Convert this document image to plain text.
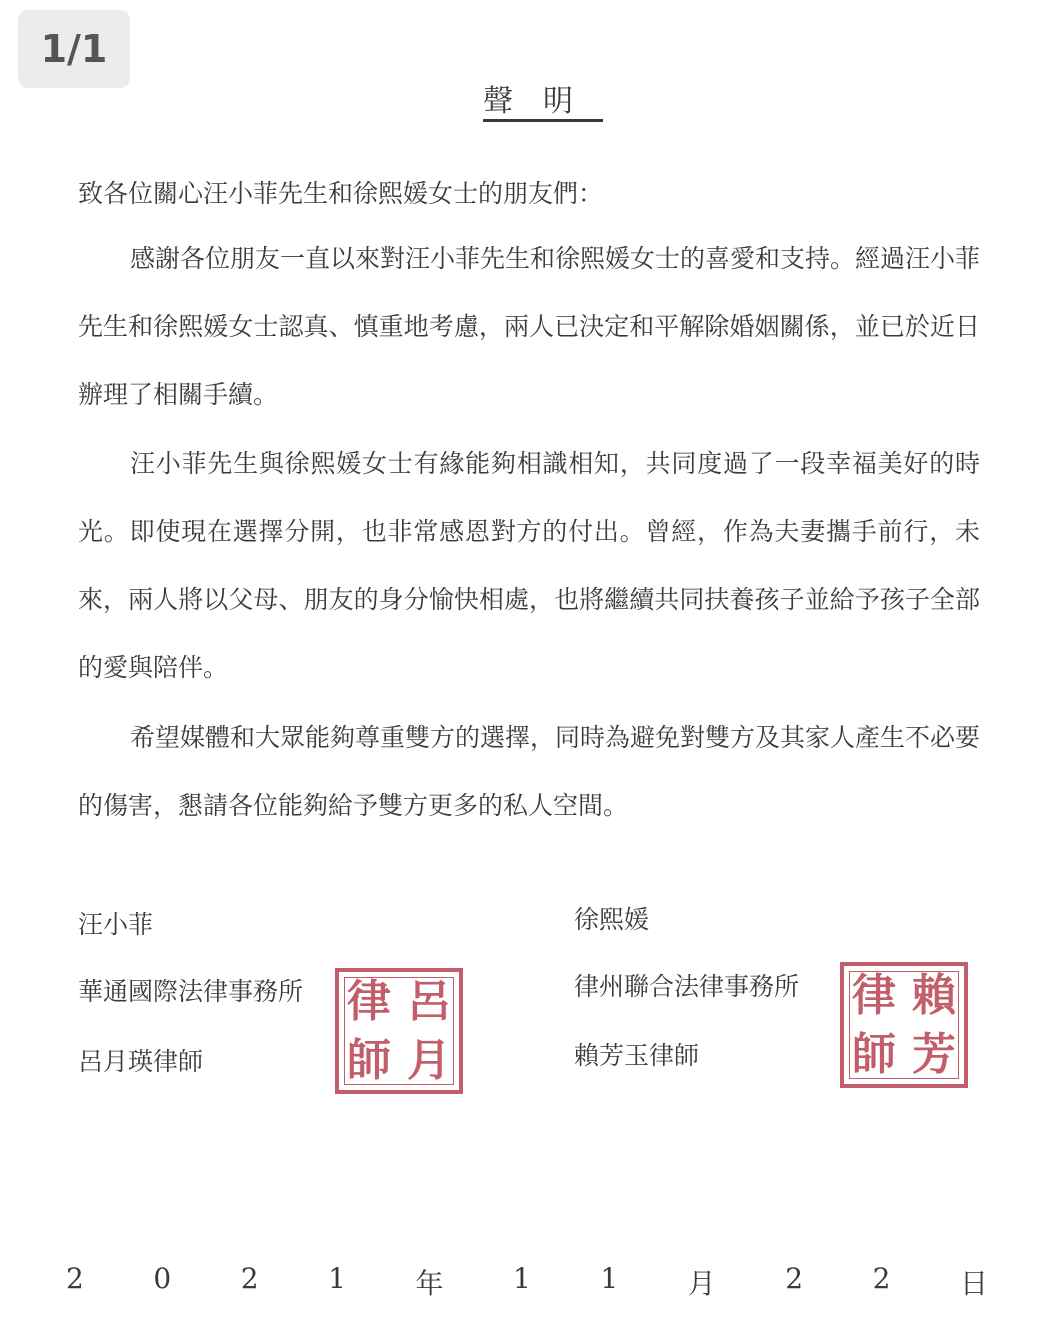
1/1
聲明
致各位關心汪小菲先生和徐熙媛女士的朋友們：

感謝各位朋友一直以來對汪小菲先生和徐熙媛女士的喜愛和支持。經過汪小菲先生和徐熙媛女士認真、慎重地考慮，兩人已決定和平解除婚姻關係，並已於近日辦理了相關手續。

汪小菲先生與徐熙媛女士有緣能夠相識相知，共同度過了一段幸福美好的時光。即使現在選擇分開，也非常感恩對方的付出。曾經，作為夫妻攜手前行，未來，兩人將以父母、朋友的身分愉快相處，也將繼續共同扶養孩子並給予孩子全部的愛與陪伴。

希望媒體和大眾能夠尊重雙方的選擇，同時為避免對雙方及其家人產生不必要的傷害，懇請各位能夠給予雙方更多的私人空間。

汪小菲
華通國際法律事務所
呂月瑛律師
律 呂
師 月
徐熙媛
律州聯合法律事務所
賴芳玉律師
律 賴
師 芳
2 0 2 1 年 1 1 月 2 2 日
